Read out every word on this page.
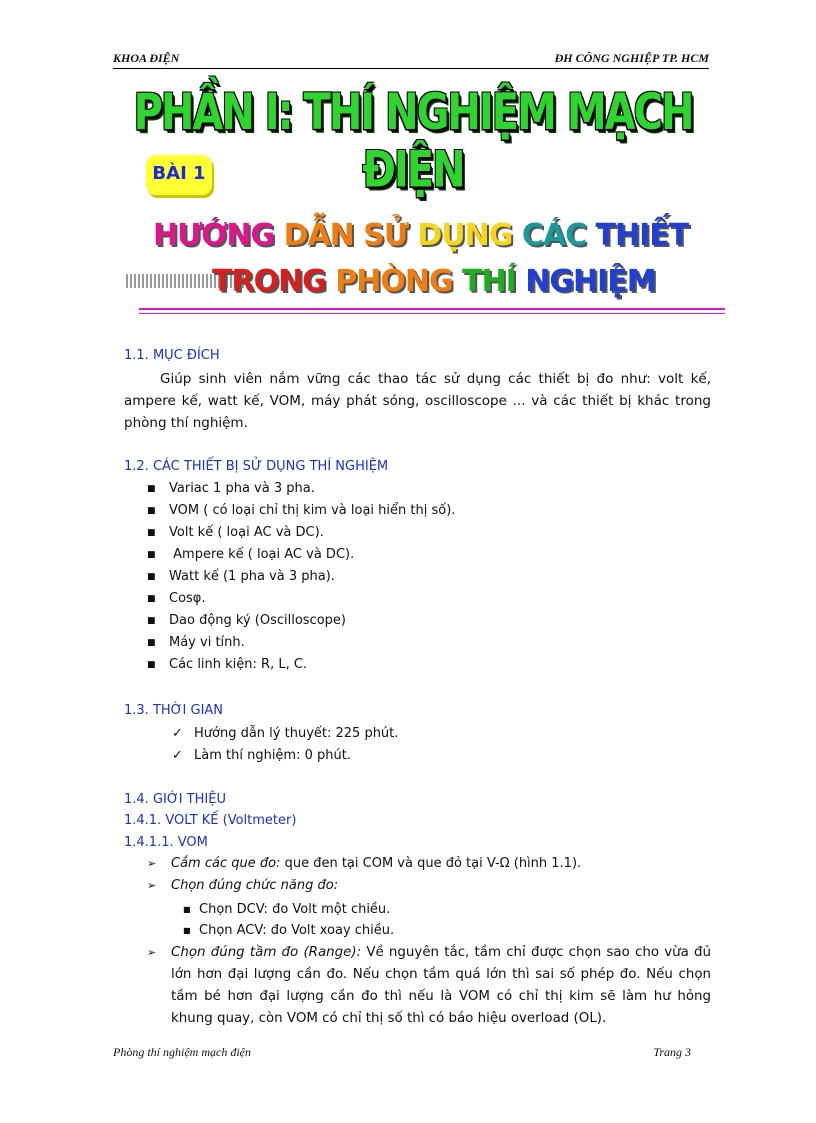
KHOA ĐIỆN	ĐH CÔNG NGHIỆP TP. HCM
PHẦN I: THÍ NGHIỆM MẠCH ĐIỆN
BÀI 1
HƯỚNG DẪN SỬ DỤNG CÁC THIẾT
TRONG PHÒNG THÍ NGHIỆM
1.1. MỤC ĐÍCH
Giúp sinh viên nắm vững các thao tác sử dụng các thiết bị đo như: volt kế, ampere kế, watt kế, VOM, máy phát sóng, oscilloscope ... và các thiết bị khác trong phòng thí nghiệm.
1.2. CÁC THIẾT BỊ SỬ DỤNG THÍ NGHIỆM
■ Variac 1 pha và 3 pha.
■ VOM ( có loại chỉ thị kim và loại hiển thị số).
■ Volt kế ( loại AC và DC).
■ Ampere kế ( loại AC và DC).
■ Watt kế (1 pha và 3 pha).
■ Cosφ.
■ Dao động ký (Oscilloscope)
■ Máy vi tính.
■ Các linh kiện: R, L, C.
1.3. THỜI GIAN
✓ Hướng dẫn lý thuyết: 225 phút.
✓ Làm thí nghiệm: 0 phút.
1.4. GIỚI THIỆU
1.4.1. VOLT KẾ (Voltmeter)
1.4.1.1. VOM
➢ Cắm các que đo: que đen tại COM và que đỏ tại V-Ω (hình 1.1).
➢ Chọn đúng chức năng đo:
■ Chọn DCV: đo Volt một chiều.
■ Chọn ACV: đo Volt xoay chiều.
➢ Chọn đúng tầm đo (Range): Về nguyên tắc, tầm chỉ được chọn sao cho vừa đủ lớn hơn đại lượng cần đo. Nếu chọn tầm quá lớn thì sai số phép đo. Nếu chọn tầm bé hơn đại lượng cần đo thì nếu là VOM có chỉ thị kim sẽ làm hư hỏng khung quay, còn VOM có chỉ thị số thì có báo hiệu overload (OL).
Phòng thí nghiệm mạch điện	Trang 3
